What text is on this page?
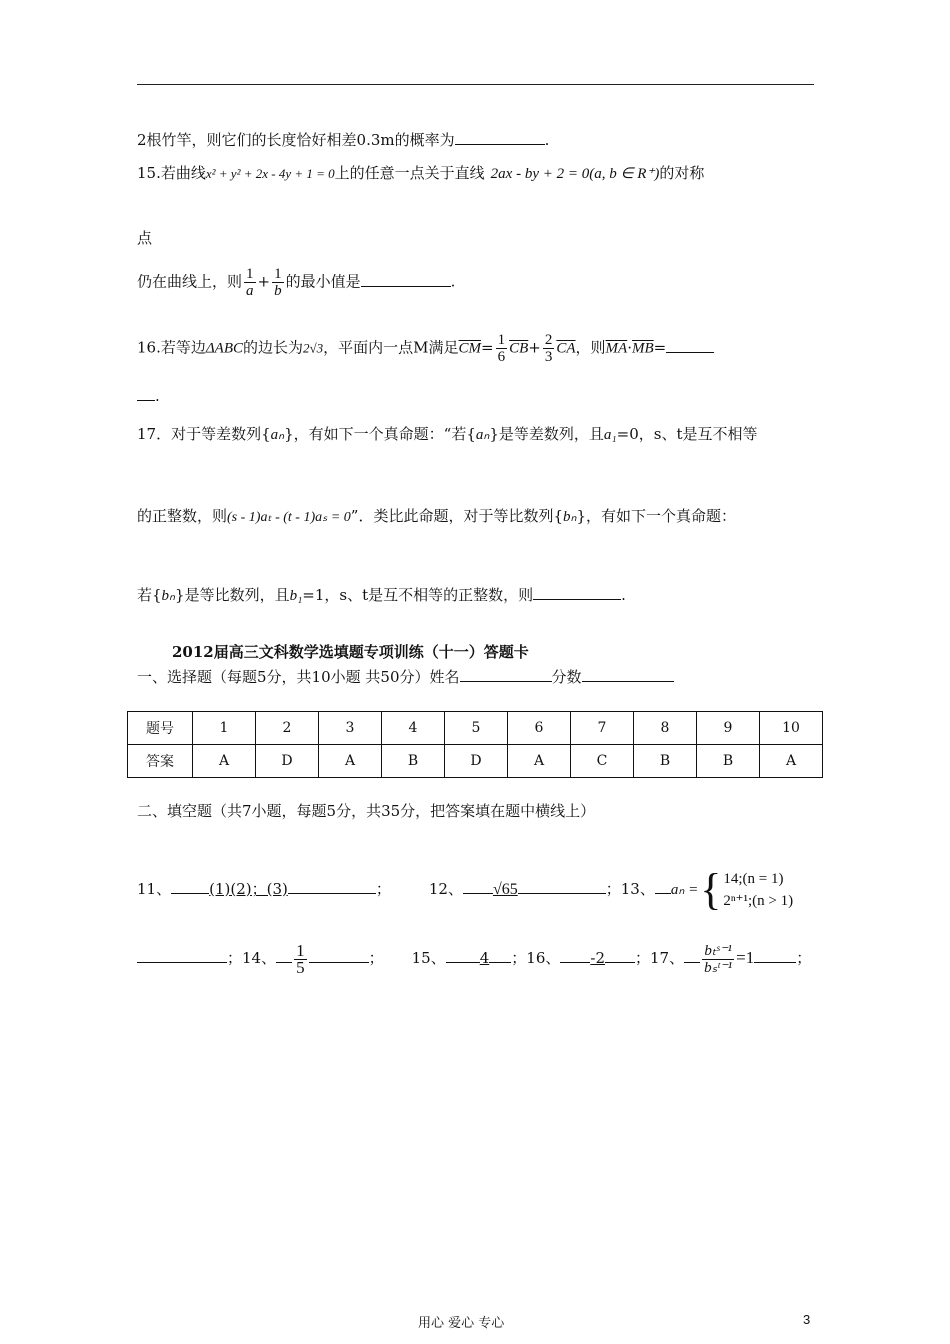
2根竹竿，则它们的长度恰好相差0.3m的概率为	.
15.若曲线x² + y² + 2x - 4y + 1 = 0上的任意一点关于直线 2ax - by + 2 = 0(a, b ∈ R⁺)的对称
点
仍在曲线上，则 $\frac{1}{a} + \frac{1}{b}$ 的最小值是	.
16.若等边ΔABC的边长为2√3，平面内一点M满足$\overline{CM}= \frac{1}{6} \overline{CB}+ \frac{2}{3} \overline{CA}$，则$\overline{MA}\cdot\overline{MB}=$
.
17．对于等差数列{aₙ}，有如下一个真命题：“若{aₙ}是等差数列，且a₁=0，s、t是互不相等
的正整数，则(s - 1)aₜ - (t - 1)aₛ = 0”．类比此命题，对于等比数列{bₙ}，有如下一个真命题：
若{bₙ}是等比数列，且b₁=1，s、t是互不相等的正整数，则	.
2012届高三文科数学选填题专项训练（十一）答题卡
一、选择题（每题5分，共10小题 共50分）姓名	分数
题号	1	2	3	4	5	6	7	8	9	10
答案	A	D	A	B	D	A	C	B	B	A
二、填空题（共7小题，每题5分，共35分，把答案填在题中横线上）
11、	(1)(2)；(3)	；	12、 √65	；13、 aₙ = { 14;(n = 1)
2ⁿ⁺¹;(n > 1)
；14、 $\frac{1}{5}$	； 15、 4 ；16、 -2 ；17、 $\frac{\text{bₜˢ⁻¹}}{\text{bₛᵗ⁻¹}} =1$	；
用心 爱心 专心	3
